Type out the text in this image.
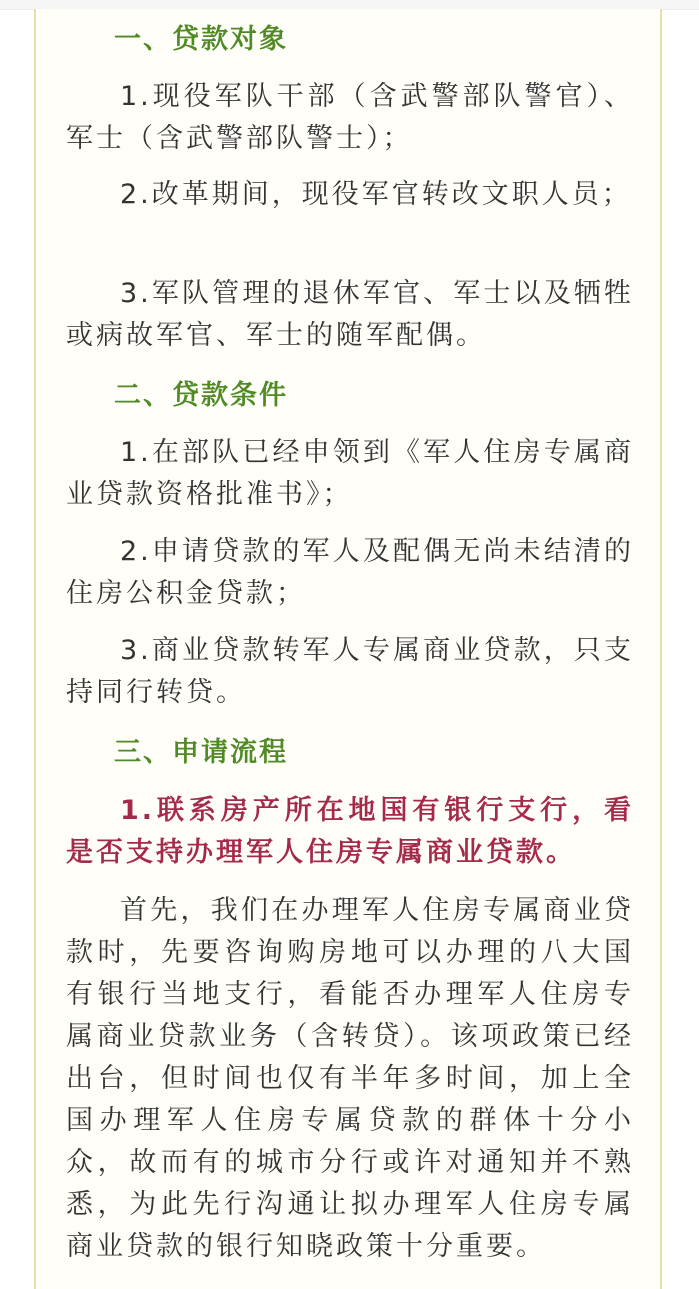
一、贷款对象

1.现役军队干部（含武警部队警官）、军士（含武警部队警士）；

2.改革期间，现役军官转改文职人员；

3.军队管理的退休军官、军士以及牺牲或病故军官、军士的随军配偶。

二、贷款条件

1.在部队已经申领到《军人住房专属商业贷款资格批准书》；

2.申请贷款的军人及配偶无尚未结清的住房公积金贷款；

3.商业贷款转军人专属商业贷款，只支持同行转贷。

三、申请流程

1.联系房产所在地国有银行支行，看是否支持办理军人住房专属商业贷款。

首先，我们在办理军人住房专属商业贷款时，先要咨询购房地可以办理的八大国有银行当地支行，看能否办理军人住房专属商业贷款业务（含转贷）。该项政策已经出台，但时间也仅有半年多时间，加上全国办理军人住房专属贷款的群体十分小众，故而有的城市分行或许对通知并不熟悉，为此先行沟通让拟办理军人住房专属商业贷款的银行知晓政策十分重要。
